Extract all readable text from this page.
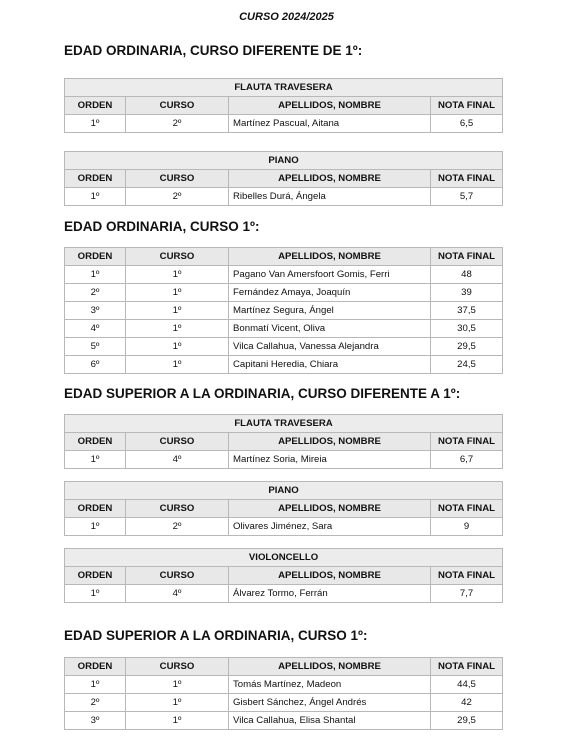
CURSO 2024/2025
EDAD ORDINARIA, CURSO DIFERENTE DE 1º:
FLAUTA TRAVESERA			
ORDEN	CURSO	APELLIDOS, NOMBRE	NOTA FINAL
1º	2º	Martínez Pascual, Aitana	6,5
PIANO			
ORDEN	CURSO	APELLIDOS, NOMBRE	NOTA FINAL
1º	2º	Ribelles Durá, Ángela	5,7
EDAD ORDINARIA, CURSO 1º:
ORDEN	CURSO	APELLIDOS, NOMBRE	NOTA FINAL
1º	1º	Pagano Van Amersfoort Gomis, Ferri	48
2º	1º	Fernández Amaya, Joaquín	39
3º	1º	Martínez Segura, Ángel	37,5
4º	1º	Bonmatí Vicent, Oliva	30,5
5º	1º	Vilca Callahua, Vanessa Alejandra	29,5
6º	1º	Capitani Heredia, Chiara	24,5
EDAD SUPERIOR A LA ORDINARIA, CURSO DIFERENTE A 1º:
FLAUTA TRAVESERA			
ORDEN	CURSO	APELLIDOS, NOMBRE	NOTA FINAL
1º	4º	Martínez Soria, Mireia	6,7
PIANO			
ORDEN	CURSO	APELLIDOS, NOMBRE	NOTA FINAL
1º	2º	Olivares Jiménez, Sara	9
VIOLONCELLO			
ORDEN	CURSO	APELLIDOS, NOMBRE	NOTA FINAL
1º	4º	Álvarez Tormo, Ferrán	7,7
EDAD SUPERIOR A LA ORDINARIA, CURSO 1º:
ORDEN	CURSO	APELLIDOS, NOMBRE	NOTA FINAL
1º	1º	Tomás Martínez, Madeon	44,5
2º	1º	Gisbert Sánchez, Ángel Andrés	42
3º	1º	Vilca Callahua, Elisa Shantal	29,5
